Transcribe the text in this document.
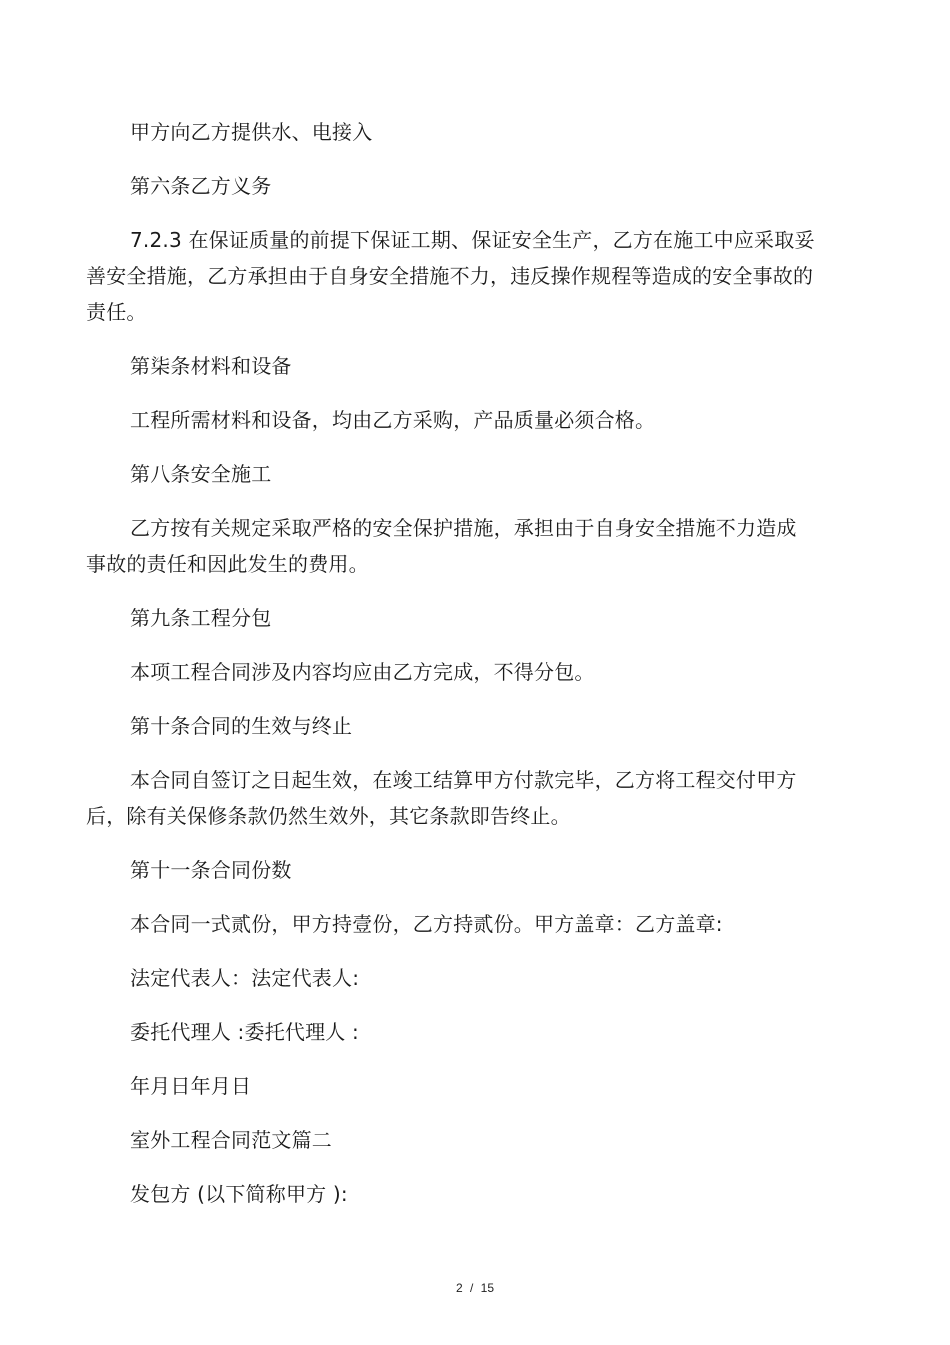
甲方向乙方提供水、电接入

第六条乙方义务

7.2.3 在保证质量的前提下保证工期、保证安全生产，乙方在施工中应采取妥善安全措施，乙方承担由于自身安全措施不力，违反操作规程等造成的安全事故的责任。

第柒条材料和设备

工程所需材料和设备，均由乙方采购，产品质量必须合格。

第八条安全施工

乙方按有关规定采取严格的安全保护措施，承担由于自身安全措施不力造成事故的责任和因此发生的费用。

第九条工程分包

本项工程合同涉及内容均应由乙方完成，不得分包。

第十条合同的生效与终止

本合同自签订之日起生效，在竣工结算甲方付款完毕，乙方将工程交付甲方后，除有关保修条款仍然生效外，其它条款即告终止。

第十一条合同份数

本合同一式贰份，甲方持壹份，乙方持贰份。甲方盖章：乙方盖章:

法定代表人：法定代表人:

委托代理人 :委托代理人 :

年月日年月日

室外工程合同范文篇二

发包方 (以下简称甲方 ):

2 / 15
